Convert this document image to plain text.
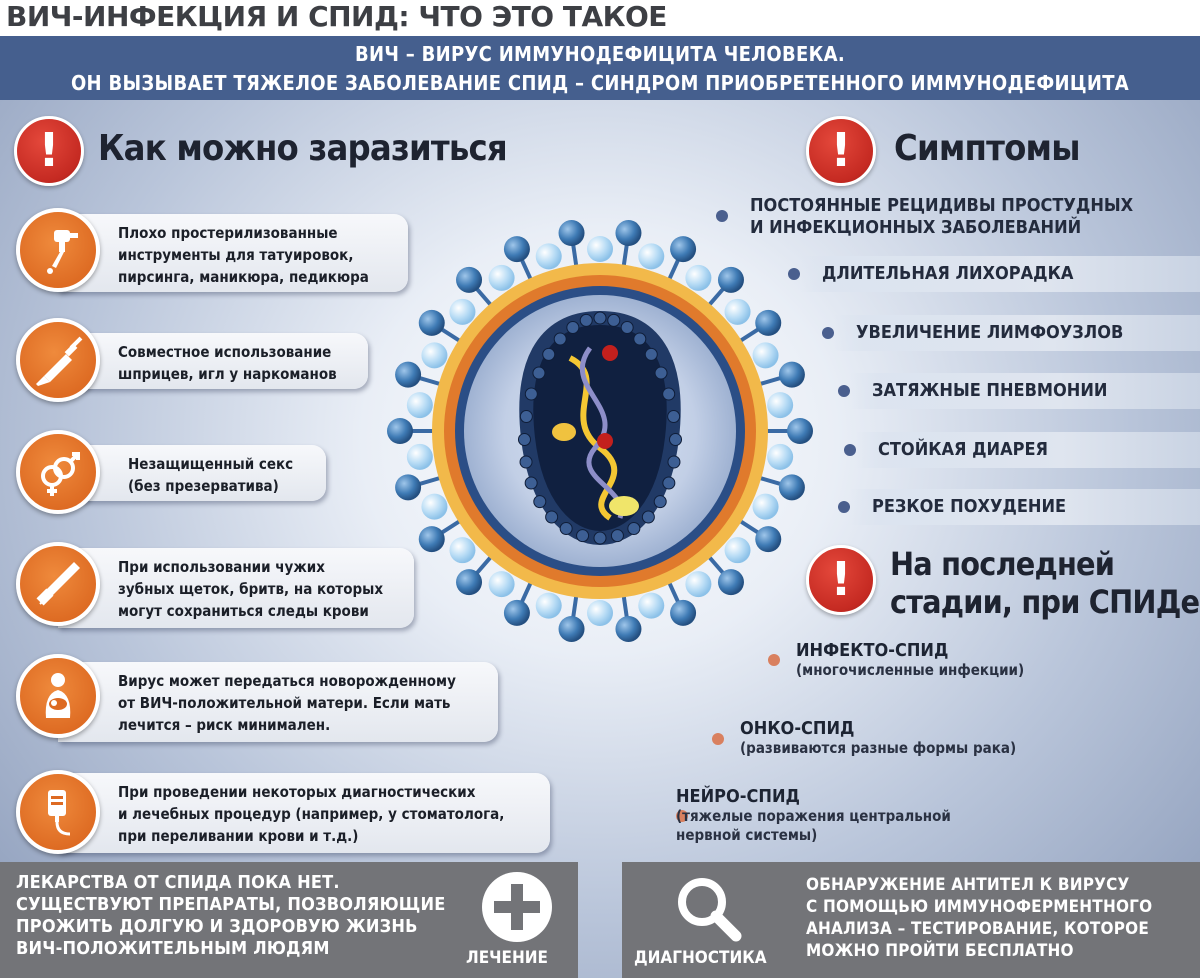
ВИЧ-ИНФЕКЦИЯ И СПИД: ЧТО ЭТО ТАКОЕ
ВИЧ – ВИРУС ИММУНОДЕФИЦИТА ЧЕЛОВЕКА.
ОН ВЫЗЫВАЕТ ТЯЖЕЛОЕ ЗАБОЛЕВАНИЕ СПИД – СИНДРОМ ПРИОБРЕТЕННОГО ИММУНОДЕФИЦИТА
!	Как можно заразиться
Плохо простерилизованные
инструменты для татуировок,
пирсинга, маникюра, педикюра
Совместное использование
шприцев, игл у наркоманов
Незащищенный секс
(без презерватива)
При использовании чужих
зубных щеток, бритв, на которых
могут сохраниться следы крови
Вирус может передаться новорожденному
от ВИЧ-положительной матери. Если мать
лечится – риск минимален.
При проведении некоторых диагностических
и лечебных процедур (например, у стоматолога,
при переливании крови и т.д.)
!	Симптомы
ПОСТОЯННЫЕ РЕЦИДИВЫ ПРОСТУДНЫХ
И ИНФЕКЦИОННЫХ ЗАБОЛЕВАНИЙ
ДЛИТЕЛЬНАЯ ЛИХОРАДКА
УВЕЛИЧЕНИЕ ЛИМФОУЗЛОВ
ЗАТЯЖНЫЕ ПНЕВМОНИИ
СТОЙКАЯ ДИАРЕЯ
РЕЗКОЕ ПОХУДЕНИЕ
!	На последней
стадии, при СПИДе
ИНФЕКТО-СПИД
(многочисленные инфекции)
ОНКО-СПИД
(развиваются разные формы рака)
НЕЙРО-СПИД
(тяжелые поражения центральной
нервной системы)
ЛЕКАРСТВА ОТ СПИДА ПОКА НЕТ.
СУЩЕСТВУЮТ ПРЕПАРАТЫ, ПОЗВОЛЯЮЩИЕ
ПРОЖИТЬ ДОЛГУЮ И ЗДОРОВУЮ ЖИЗНЬ
ВИЧ-ПОЛОЖИТЕЛЬНЫМ ЛЮДЯМ	ЛЕЧЕНИЕ	ДИАГНОСТИКА
ОБНАРУЖЕНИЕ АНТИТЕЛ К ВИРУСУ
С ПОМОЩЬЮ ИММУНОФЕРМЕНТНОГО
АНАЛИЗА – ТЕСТИРОВАНИЕ, КОТОРОЕ
МОЖНО ПРОЙТИ БЕСПЛАТНО
